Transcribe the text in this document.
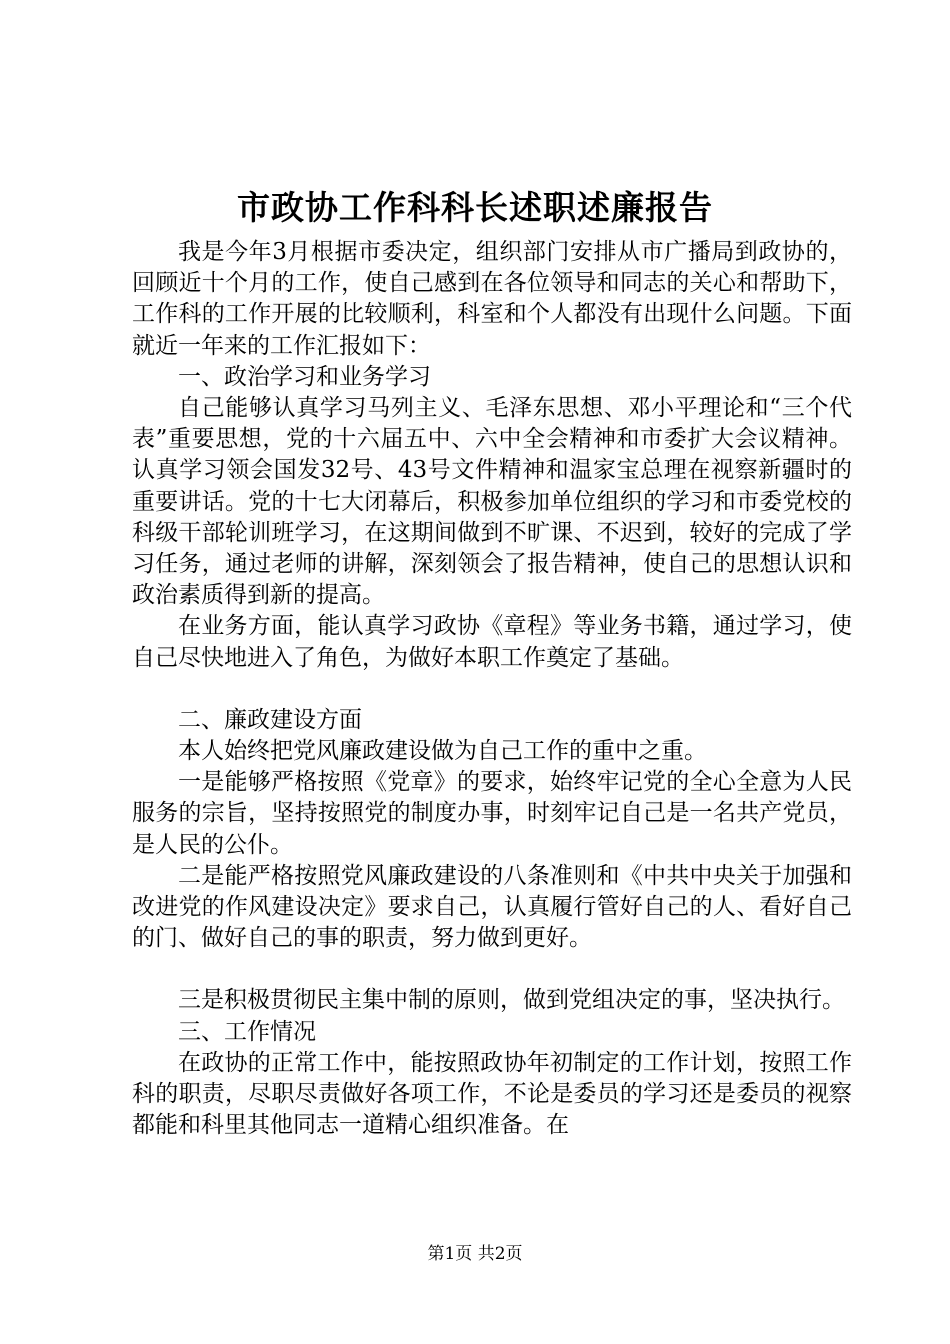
市政协工作科科长述职述廉报告

我是今年3月根据市委决定，组织部门安排从市广播局到政协的，回顾近十个月的工作，使自己感到在各位领导和同志的关心和帮助下，工作科的工作开展的比较顺利，科室和个人都没有出现什么问题。下面就近一年来的工作汇报如下：

一、政治学习和业务学习

自己能够认真学习马列主义、毛泽东思想、邓小平理论和“三个代表”重要思想，党的十六届五中、六中全会精神和市委扩大会议精神。认真学习领会国发32号、43号文件精神和温家宝总理在视察新疆时的重要讲话。党的十七大闭幕后，积极参加单位组织的学习和市委党校的科级干部轮训班学习，在这期间做到不旷课、不迟到，较好的完成了学习任务，通过老师的讲解，深刻领会了报告精神，使自己的思想认识和政治素质得到新的提高。

在业务方面，能认真学习政协《章程》等业务书籍，通过学习，使自己尽快地进入了角色，为做好本职工作奠定了基础。

二、廉政建设方面

本人始终把党风廉政建设做为自己工作的重中之重。

一是能够严格按照《党章》的要求，始终牢记党的全心全意为人民服务的宗旨，坚持按照党的制度办事，时刻牢记自己是一名共产党员，是人民的公仆。

二是能严格按照党风廉政建设的八条准则和《中共中央关于加强和改进党的作风建设决定》要求自己，认真履行管好自己的人、看好自己的门、做好自己的事的职责，努力做到更好。

三是积极贯彻民主集中制的原则，做到党组决定的事，坚决执行。

三、工作情况

在政协的正常工作中，能按照政协年初制定的工作计划，按照工作科的职责，尽职尽责做好各项工作，不论是委员的学习还是委员的视察都能和科里其他同志一道精心组织准备。在

第1页 共2页
